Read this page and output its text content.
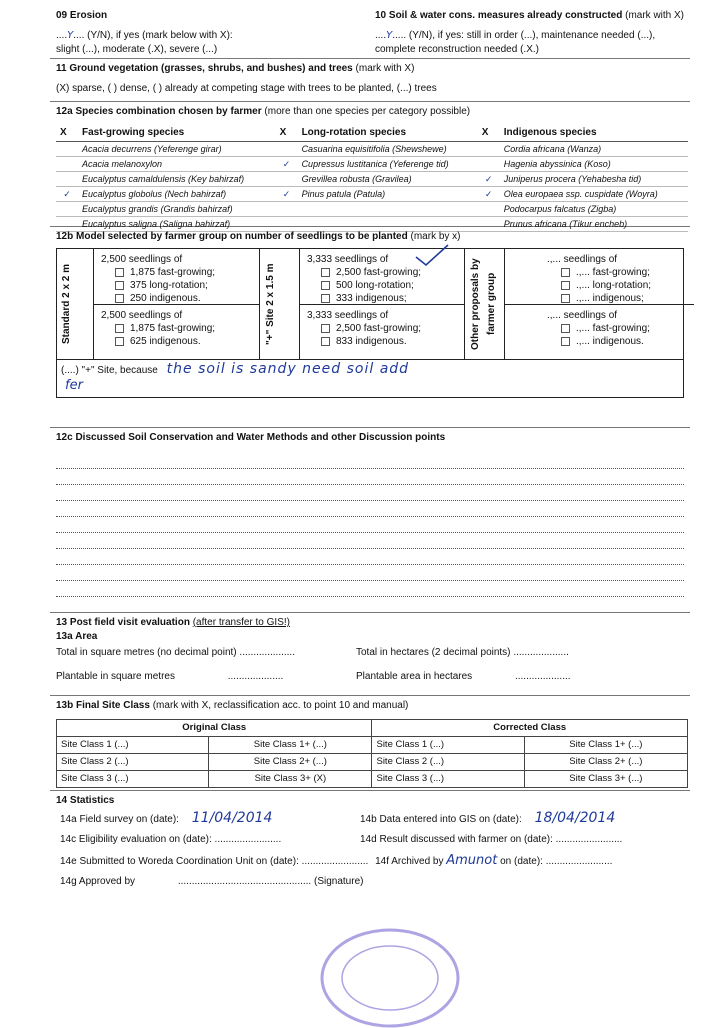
09 Erosion
....Y.... (Y/N), if yes (mark below with X):
slight (...), moderate (.X), severe (...)
10 Soil & water cons. measures already constructed (mark with X)
....Y..... (Y/N), if yes: still in order (...), maintenance needed (...),
complete reconstruction needed (.X.)
11 Ground vegetation (grasses, shrubs, and bushes) and trees (mark with X)
(X) sparse, ( ) dense, ( ) already at competing stage with trees to be planted, (...) trees
12a Species combination chosen by farmer (more than one species per category possible)
X	Fast-growing species	X	Long-rotation species	X	Indigenous species
	Acacia decurrens (Yeferenge girar)		Casuarina equisitifolia (Shewshewe)		Cordia africana (Wanza)
	Acacia melanoxylon	✓	Cupressus lustitanica (Yeferenge tid)		Hagenia abyssinica (Koso)
	Eucalyptus camaldulensis (Key bahirzaf)		Grevillea robusta (Gravilea)	✓	Juniperus procera (Yehabesha tid)
✓	Eucalyptus globolus (Nech bahirzaf)	✓	Pinus patula (Patula)	✓	Olea europaea ssp. cuspidate (Woyra)
	Eucalyptus grandis (Grandis bahirzaf)				Podocarpus falcatus (Zigba)
	Eucalyptus saligna (Saligna bahirzaf)				Prunus africana (Tikur encheb)
12b Model selected by farmer group on number of seedlings to be planted (mark by x)
Standard 2 x 2 m	"+" Site 2 x 1.5 m	Other proposals by farmer group
2,500 seedlings of
1,875 fast-growing;
375 long-rotation;
250 indigenous.
2,500 seedlings of
1,875 fast-growing;
625 indigenous.
3,333 seedlings of
2,500 fast-growing;
500 long-rotation;
333 indigenous;
3,333 seedlings of
2,500 fast-growing;
833 indigenous.
.,... seedlings of
.,... fast-growing;
.,... long-rotation;
.,... indigenous;
.,... seedlings of
.,... fast-growing;
.,... indigenous.
(....) "+" Site, because the soil is sandy need soil add
fer
12c Discussed Soil Conservation and Water Methods and other Discussion points
13 Post field visit evaluation (after transfer to GIS!)
13a Area
Total in square metres (no decimal point) ....................	Total in hectares (2 decimal points) ....................
Plantable in square metres	....................	Plantable area in hectares	....................
13b Final Site Class (mark with X, reclassification acc. to point 10 and manual)
Original Class		Corrected Class	
Site Class 1 (...)	Site Class 1+ (...)	Site Class 1 (...)	Site Class 1+ (...)
Site Class 2 (...)	Site Class 2+ (...)	Site Class 2 (...)	Site Class 2+ (...)
Site Class 3 (...)	Site Class 3+ (X)	Site Class 3 (...)	Site Class 3+ (...)
14 Statistics
14a Field survey on (date): 11/04/2014	14b Data entered into GIS on (date): 18/04/2014
14c Eligibility evaluation on (date): ........................	14d Result discussed with farmer on (date): ........................
14e Submitted to Woreda Coordination Unit on (date): ........................ 14f Archived by Amunot on (date): ........................
14g Approved by	................................................ (Signature)
